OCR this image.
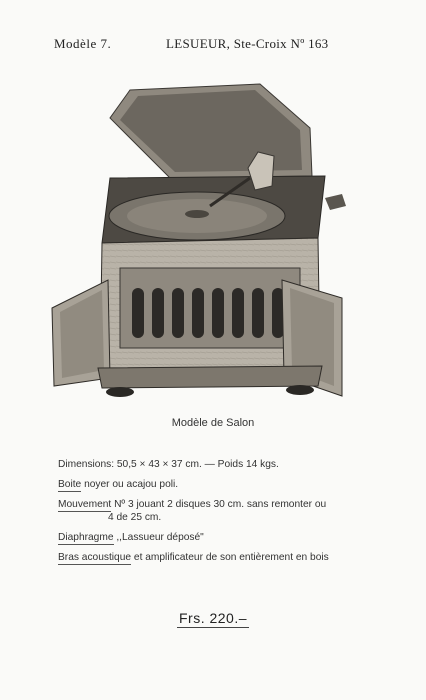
Modèle 7.	LESUEUR, Ste-Croix Nº 163
Modèle de Salon
Dimensions: 50,5 × 43 × 37 cm. — Poids 14 kgs.
Boite noyer ou acajou poli.
Mouvement Nº 3 jouant 2 disques 30 cm. sans remonter ou
4 de 25 cm.
Diaphragme ,,Lassueur déposé"
Bras acoustique et amplificateur de son entièrement en bois
Frs. 220.–
